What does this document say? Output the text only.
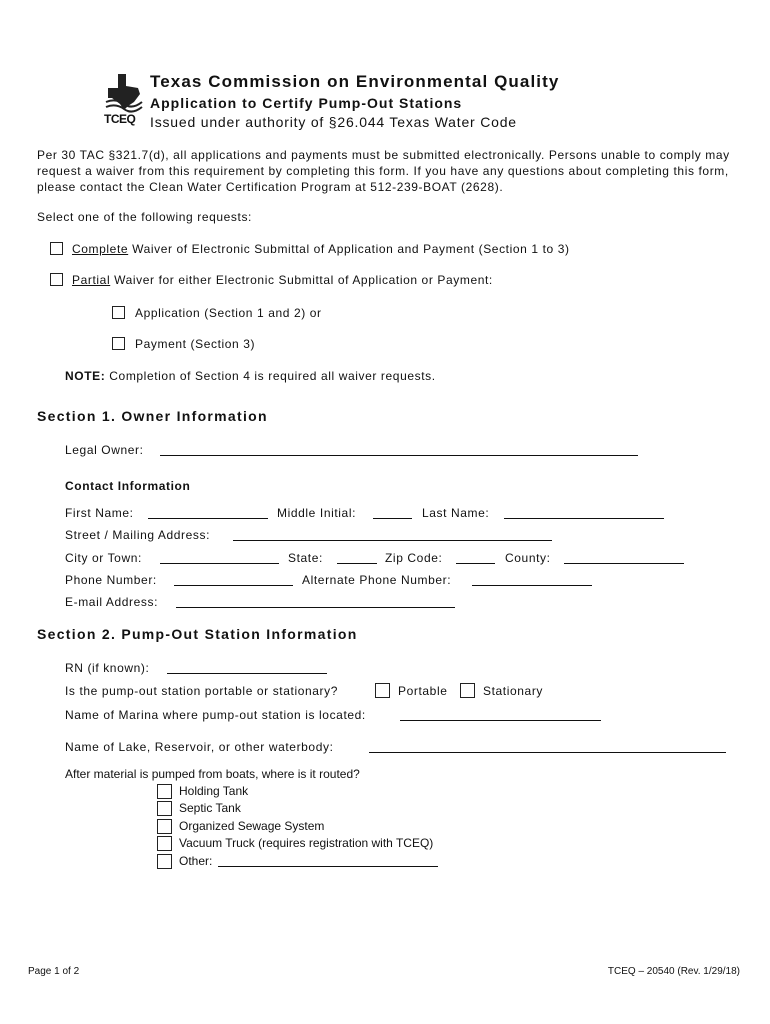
TCEQ
Texas Commission on Environmental Quality
Application to Certify Pump-Out Stations
Issued under authority of §26.044 Texas Water Code
Per 30 TAC §321.7(d), all applications and payments must be submitted electronically. Persons unable to comply may request a waiver from this requirement by completing this form. If you have any questions about completing this form, please contact the Clean Water Certification Program at 512-239-BOAT (2628).
Select one of the following requests:
Complete Waiver of Electronic Submittal of Application and Payment (Section 1 to 3)
Partial Waiver for either Electronic Submittal of Application or Payment:
Application (Section 1 and 2) or
Payment (Section 3)
NOTE: Completion of Section 4 is required all waiver requests.
Section 1. Owner Information
Legal Owner:
Contact Information
First Name:	Middle Initial:	Last Name:
Street / Mailing Address:
City or Town:	State:	Zip Code:	County:
Phone Number:	Alternate Phone Number:
E-mail Address:
Section 2. Pump-Out Station Information
RN (if known):
Is the pump-out station portable or stationary?	Portable	Stationary
Name of Marina where pump-out station is located:
Name of Lake, Reservoir, or other waterbody:
After material is pumped from boats, where is it routed?
Holding Tank
Septic Tank
Organized Sewage System
Vacuum Truck (requires registration with TCEQ)
Other:
Page 1 of 2	TCEQ – 20540 (Rev. 1/29/18)
